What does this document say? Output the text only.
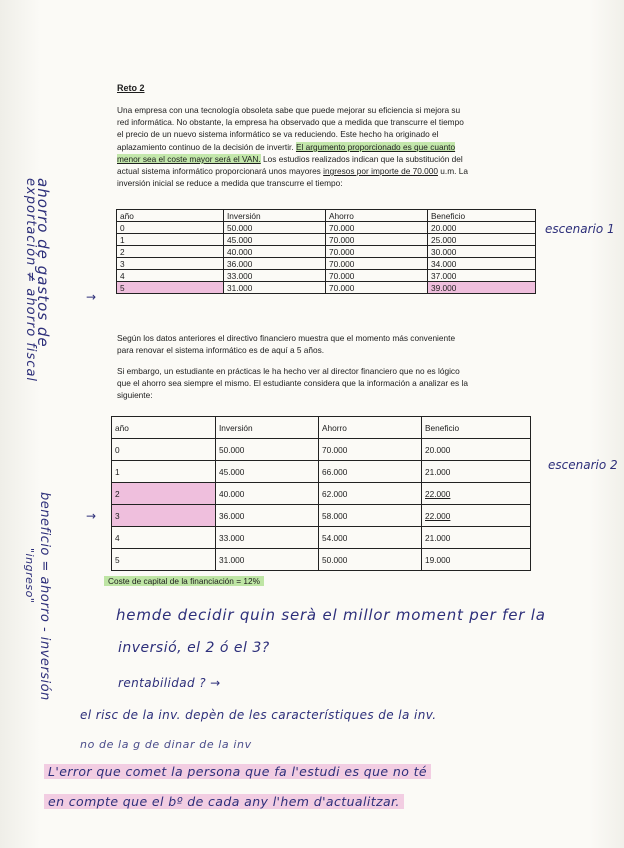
Reto 2
Una empresa con una tecnología obsoleta sabe que puede mejorar su eficiencia si mejora su
red informática. No obstante, la empresa ha observado que a medida que transcurre el tiempo
el precio de un nuevo sistema informático se va reduciendo. Este hecho ha originado el
aplazamiento continuo de la decisión de invertir. El argumento proporcionado es que cuanto
menor sea el coste mayor será el VAN. Los estudios realizados indican que la substitución del
actual sistema informático proporcionará unos mayores ingresos por importe de 70.000 u.m. La
inversión inicial se reduce a medida que transcurre el tiempo:
año	Inversión	Ahorro	Beneficio
0	50.000	70.000	20.000
1	45.000	70.000	25.000
2	40.000	70.000	30.000
3	36.000	70.000	34.000
4	33.000	70.000	37.000
5	31.000	70.000	39.000
Según los datos anteriores el directivo financiero muestra que el momento más conveniente
para renovar el sistema informático es de aquí a 5 años.
Si embargo, un estudiante en prácticas le ha hecho ver al director financiero que no es lógico
que el ahorro sea siempre el mismo. El estudiante considera que la información a analizar es la
siguiente:
año	Inversión	Ahorro	Beneficio
0	50.000	70.000	20.000
1	45.000	66.000	21.000
2	40.000	62.000	22.000
3	36.000	58.000	22.000
4	33.000	54.000	21.000
5	31.000	50.000	19.000
Coste de capital de la financiación = 12%
hemde decidir quin serà el millor moment per fer la
inversió, el 2 ó el 3?
rentabilidad ? →
el risc de la inv. depèn de les característiques de la inv.
no de la g de dinar de la inv
L'error que comet la persona que fa l'estudi es que no té
en compte que el bº de cada any l'hem d'actualitzar.
ahorro de gastos de
exportación ≠ ahorro fiscal
beneficio = ahorro - inversión
"ingreso"
escenario 1
escenario 2
→
→
